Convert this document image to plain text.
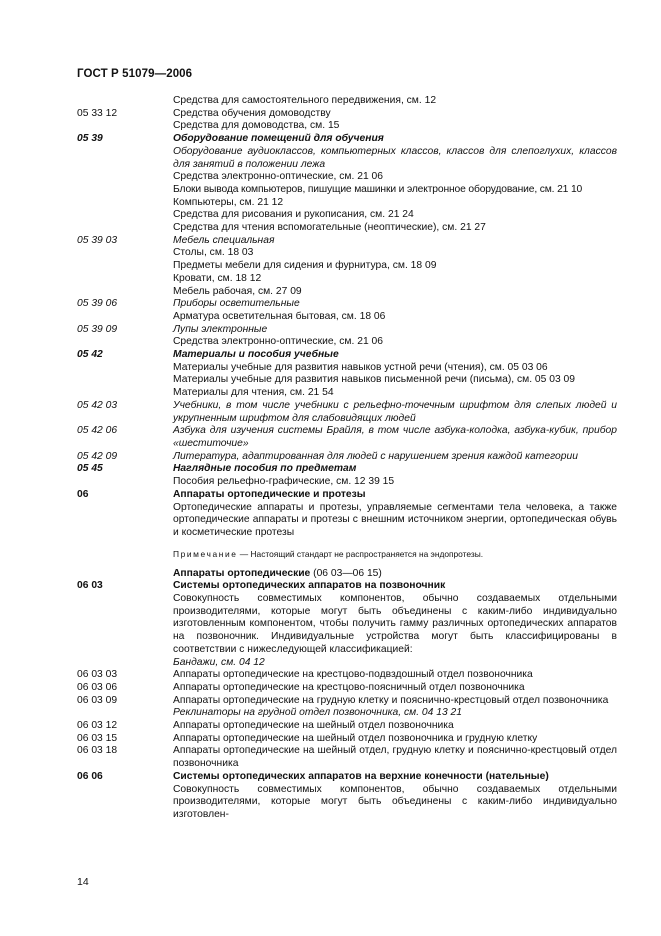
ГОСТ Р 51079—2006
Средства для самостоятельного передвижения, см. 12
05 33 12	Средства обучения домоводству
Средства для домоводства, см. 15
05 39	Оборудование помещений для обучения
Оборудование аудиоклассов, компьютерных классов, классов для слепоглухих, классов для занятий в положении лежа
Средства электронно-оптические, см. 21 06
Блоки вывода компьютеров, пишущие машинки и электронное оборудование, см. 21 10
Компьютеры, см. 21 12
Средства для рисования и рукописания, см. 21 24
Средства для чтения вспомогательные (неоптические), см. 21 27
05 39 03	Мебель специальная
Столы, см. 18 03
Предметы мебели для сидения и фурнитура, см. 18 09
Кровати, см. 18 12
Мебель рабочая, см. 27 09
05 39 06	Приборы осветительные
Арматура осветительная бытовая, см. 18 06
05 39 09	Лупы электронные
Средства электронно-оптические, см. 21 06
05 42	Материалы и пособия учебные
Материалы учебные для развития навыков устной речи (чтения), см. 05 03 06
Материалы учебные для развития навыков письменной речи (письма), см. 05 03 09
Материалы для чтения, см. 21 54
05 42 03	Учебники, в том числе учебники с рельефно-точечным шрифтом для слепых людей и укрупненным шрифтом для слабовидящих людей
05 42 06	Азбука для изучения системы Брайля, в том числе азбука-колодка, азбука-кубик, прибор «шеститочие»
05 42 09	Литература, адаптированная для людей с нарушением зрения каждой категории
05 45	Наглядные пособия по предметам
Пособия рельефно-графические, см. 12 39 15
06	Аппараты ортопедические и протезы
Ортопедические аппараты и протезы, управляемые сегментами тела человека, а также ортопедические аппараты и протезы с внешним источником энергии, ортопедическая обувь и косметические протезы
Примечание — Настоящий стандарт не распространяется на эндопротезы.
Аппараты ортопедические (06 03—06 15)
06 03	Системы ортопедических аппаратов на позвоночник
Совокупность совместимых компонентов, обычно создаваемых отдельными производителями, которые могут быть объединены с каким-либо индивидуально изготовленным компонентом, чтобы получить гамму различных ортопедических аппаратов на позвоночник. Индивидуальные устройства могут быть классифицированы в соответствии с нижеследующей классификацией:
Бандажи, см. 04 12
06 03 03	Аппараты ортопедические на крестцово-подвздошный отдел позвоночника
06 03 06	Аппараты ортопедические на крестцово-поясничный отдел позвоночника
06 03 09	Аппараты ортопедические на грудную клетку и пояснично-крестцовый отдел позвоночника
Реклинаторы на грудной отдел позвоночника, см. 04 13 21
06 03 12	Аппараты ортопедические на шейный отдел позвоночника
06 03 15	Аппараты ортопедические на шейный отдел позвоночника и грудную клетку
06 03 18	Аппараты ортопедические на шейный отдел, грудную клетку и пояснично-крестцовый отдел позвоночника
06 06	Системы ортопедических аппаратов на верхние конечности (нательные)
Совокупность совместимых компонентов, обычно создаваемых отдельными производителями, которые могут быть объединены с каким-либо индивидуально изготовлен-
14
